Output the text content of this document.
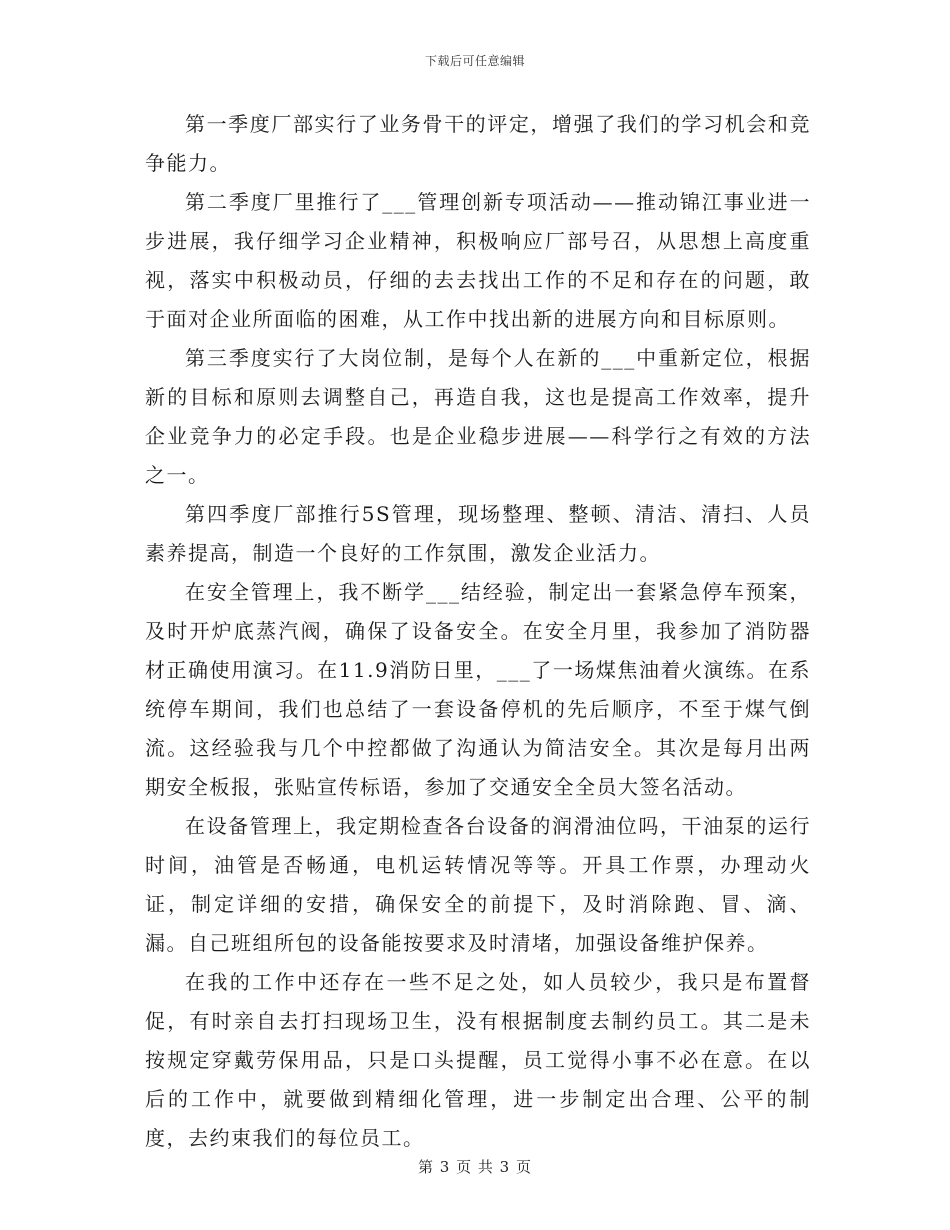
下载后可任意编辑

第一季度厂部实行了业务骨干的评定，增强了我们的学习机会和竞争能力。

第二季度厂里推行了___管理创新专项活动——推动锦江事业进一步进展，我仔细学习企业精神，积极响应厂部号召，从思想上高度重视，落实中积极动员，仔细的去去找出工作的不足和存在的问题，敢于面对企业所面临的困难，从工作中找出新的进展方向和目标原则。

第三季度实行了大岗位制，是每个人在新的___中重新定位，根据新的目标和原则去调整自己，再造自我，这也是提高工作效率，提升企业竞争力的必定手段。也是企业稳步进展——科学行之有效的方法之一。

第四季度厂部推行5S管理，现场整理、整顿、清洁、清扫、人员素养提高，制造一个良好的工作氛围，激发企业活力。

在安全管理上，我不断学___结经验，制定出一套紧急停车预案，及时开炉底蒸汽阀，确保了设备安全。在安全月里，我参加了消防器材正确使用演习。在11.9消防日里，___了一场煤焦油着火演练。在系统停车期间，我们也总结了一套设备停机的先后顺序，不至于煤气倒流。这经验我与几个中控都做了沟通认为简洁安全。其次是每月出两期安全板报，张贴宣传标语，参加了交通安全全员大签名活动。

在设备管理上，我定期检查各台设备的润滑油位吗，干油泵的运行时间，油管是否畅通，电机运转情况等等。开具工作票，办理动火证，制定详细的安措，确保安全的前提下，及时消除跑、冒、滴、漏。自己班组所包的设备能按要求及时清堵，加强设备维护保养。

在我的工作中还存在一些不足之处，如人员较少，我只是布置督促，有时亲自去打扫现场卫生，没有根据制度去制约员工。其二是未按规定穿戴劳保用品，只是口头提醒，员工觉得小事不必在意。在以后的工作中，就要做到精细化管理，进一步制定出合理、公平的制度，去约束我们的每位员工。

第 3 页 共 3 页
